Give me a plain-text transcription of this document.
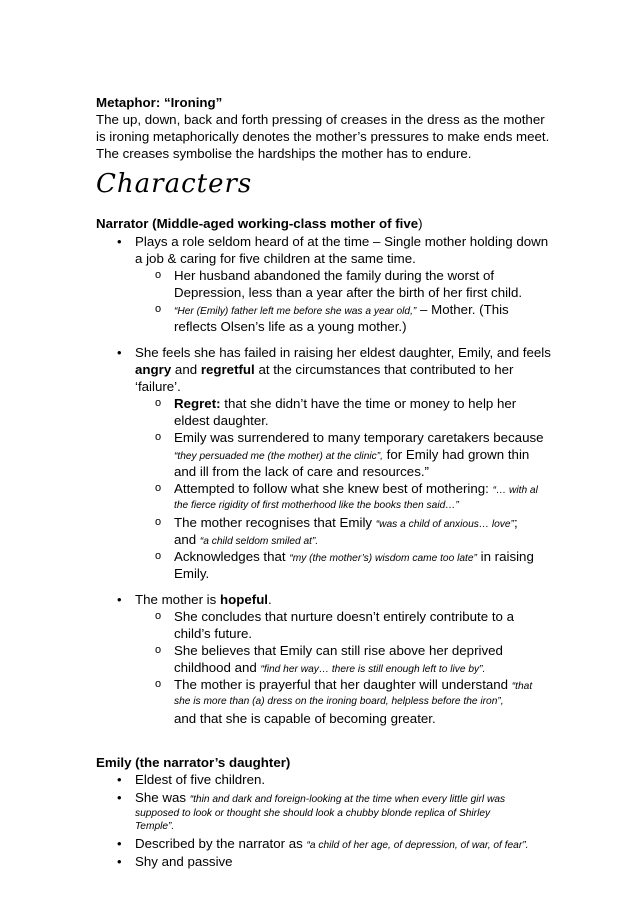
Metaphor: “Ironing”
The up, down, back and forth pressing of creases in the dress as the mother
is ironing metaphorically denotes the mother’s pressures to make ends meet.
The creases symbolise the hardships the mother has to endure.
Characters
Narrator (Middle-aged working-class mother of five)
• Plays a role seldom heard of at the time – Single mother holding down
a job & caring for five children at the same time.
o Her husband abandoned the family during the worst of
Depression, less than a year after the birth of her first child.
o “Her (Emily) father left me before she was a year old,” – Mother. (This
reflects Olsen’s life as a young mother.)
• She feels she has failed in raising her eldest daughter, Emily, and feels
angry and regretful at the circumstances that contributed to her
‘failure’.
o Regret: that she didn’t have the time or money to help her
eldest daughter.
o Emily was surrendered to many temporary caretakers because
“they persuaded me (the mother) at the clinic”, for Emily had grown thin
and ill from the lack of care and resources.”
o Attempted to follow what she knew best of mothering: “… with al
the fierce rigidity of first motherhood like the books then said…”
o The mother recognises that Emily “was a child of anxious… love”;
and “a child seldom smiled at”.
o Acknowledges that “my (the mother’s) wisdom came too late” in raising
Emily.
• The mother is hopeful.
o She concludes that nurture doesn’t entirely contribute to a
child’s future.
o She believes that Emily can still rise above her deprived
childhood and “find her way… there is still enough left to live by”.
o The mother is prayerful that her daughter will understand “that
she is more than (a) dress on the ironing board, helpless before the iron”,
and that she is capable of becoming greater.
Emily (the narrator’s daughter)
• Eldest of five children.
• She was “thin and dark and foreign-looking at the time when every little girl was
supposed to look or thought she should look a chubby blonde replica of Shirley
Temple”.
• Described by the narrator as “a child of her age, of depression, of war, of fear”.
• Shy and passive
